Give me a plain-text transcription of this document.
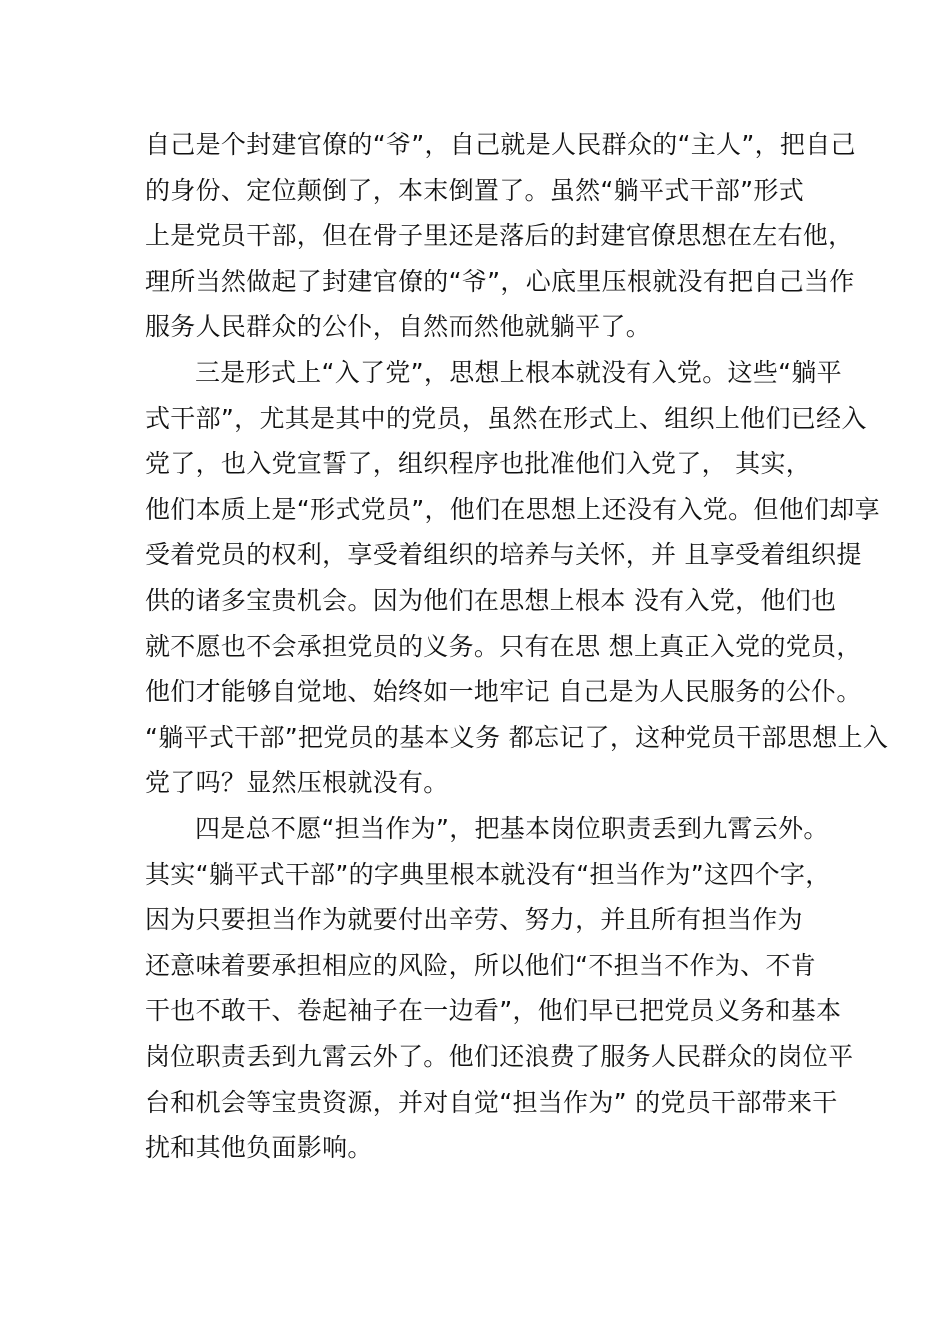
自己是个封建官僚的“爷”，自己就是人民群众的“主人”，把自己
的身份、定位颠倒了，本末倒置了。虽然“躺平式干部”形式
上是党员干部，但在骨子里还是落后的封建官僚思想在左右他，
理所当然做起了封建官僚的“爷”，心底里压根就没有把自己当作
服务人民群众的公仆，自然而然他就躺平了。
三是形式上“入了党”，思想上根本就没有入党。这些“躺平
式干部”，尤其是其中的党员，虽然在形式上、组织上他们已经入
党了，也入党宣誓了，组织程序也批准他们入党了， 其实，
他们本质上是“形式党员”，他们在思想上还没有入党。但他们却享
受着党员的权利，享受着组织的培养与关怀，并 且享受着组织提
供的诸多宝贵机会。因为他们在思想上根本 没有入党，他们也
就不愿也不会承担党员的义务。只有在思 想上真正入党的党员，
他们才能够自觉地、始终如一地牢记 自己是为人民服务的公仆。
“躺平式干部”把党员的基本义务 都忘记了，这种党员干部思想上入
党了吗？显然压根就没有。
四是总不愿“担当作为”，把基本岗位职责丢到九霄云外。
其实“躺平式干部”的字典里根本就没有“担当作为”这四个字，
因为只要担当作为就要付出辛劳、努力，并且所有担当作为
还意味着要承担相应的风险，所以他们“不担当不作为、不肯
干也不敢干、卷起袖子在一边看”，他们早已把党员义务和基本
岗位职责丢到九霄云外了。他们还浪费了服务人民群众的岗位平
台和机会等宝贵资源，并对自觉“担当作为” 的党员干部带来干
扰和其他负面影响。
